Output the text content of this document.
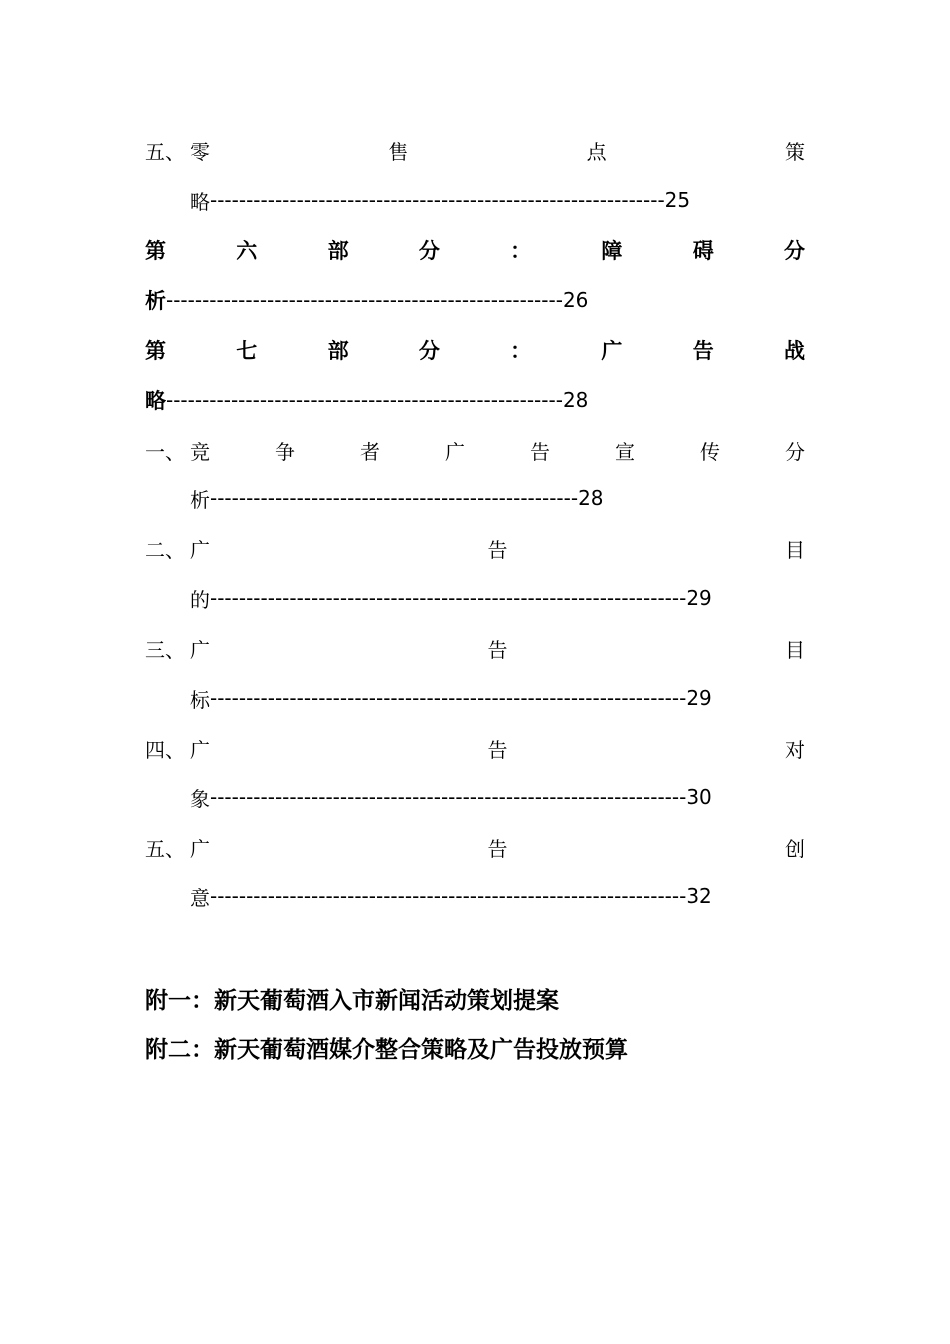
五、 零	售	点	策
略 --------------------------------------------------------------- 25
第	六	部	分	：	障	碍	分
析 ------------------------------------------------------- 26
第	七	部	分	：	广	告	战
略 ------------------------------------------------------- 28
一、 竞	争	者	广	告	宣	传	分
析 --------------------------------------------------- 28
二、 广	告	目
的 ------------------------------------------------------------------ 29
三、 广	告	目
标 ------------------------------------------------------------------ 29
四、 广	告	对
象 ------------------------------------------------------------------ 30
五、 广	告	创
意 ------------------------------------------------------------------ 32
附一：新天葡萄酒入市新闻活动策划提案
附二：新天葡萄酒媒介整合策略及广告投放预算
